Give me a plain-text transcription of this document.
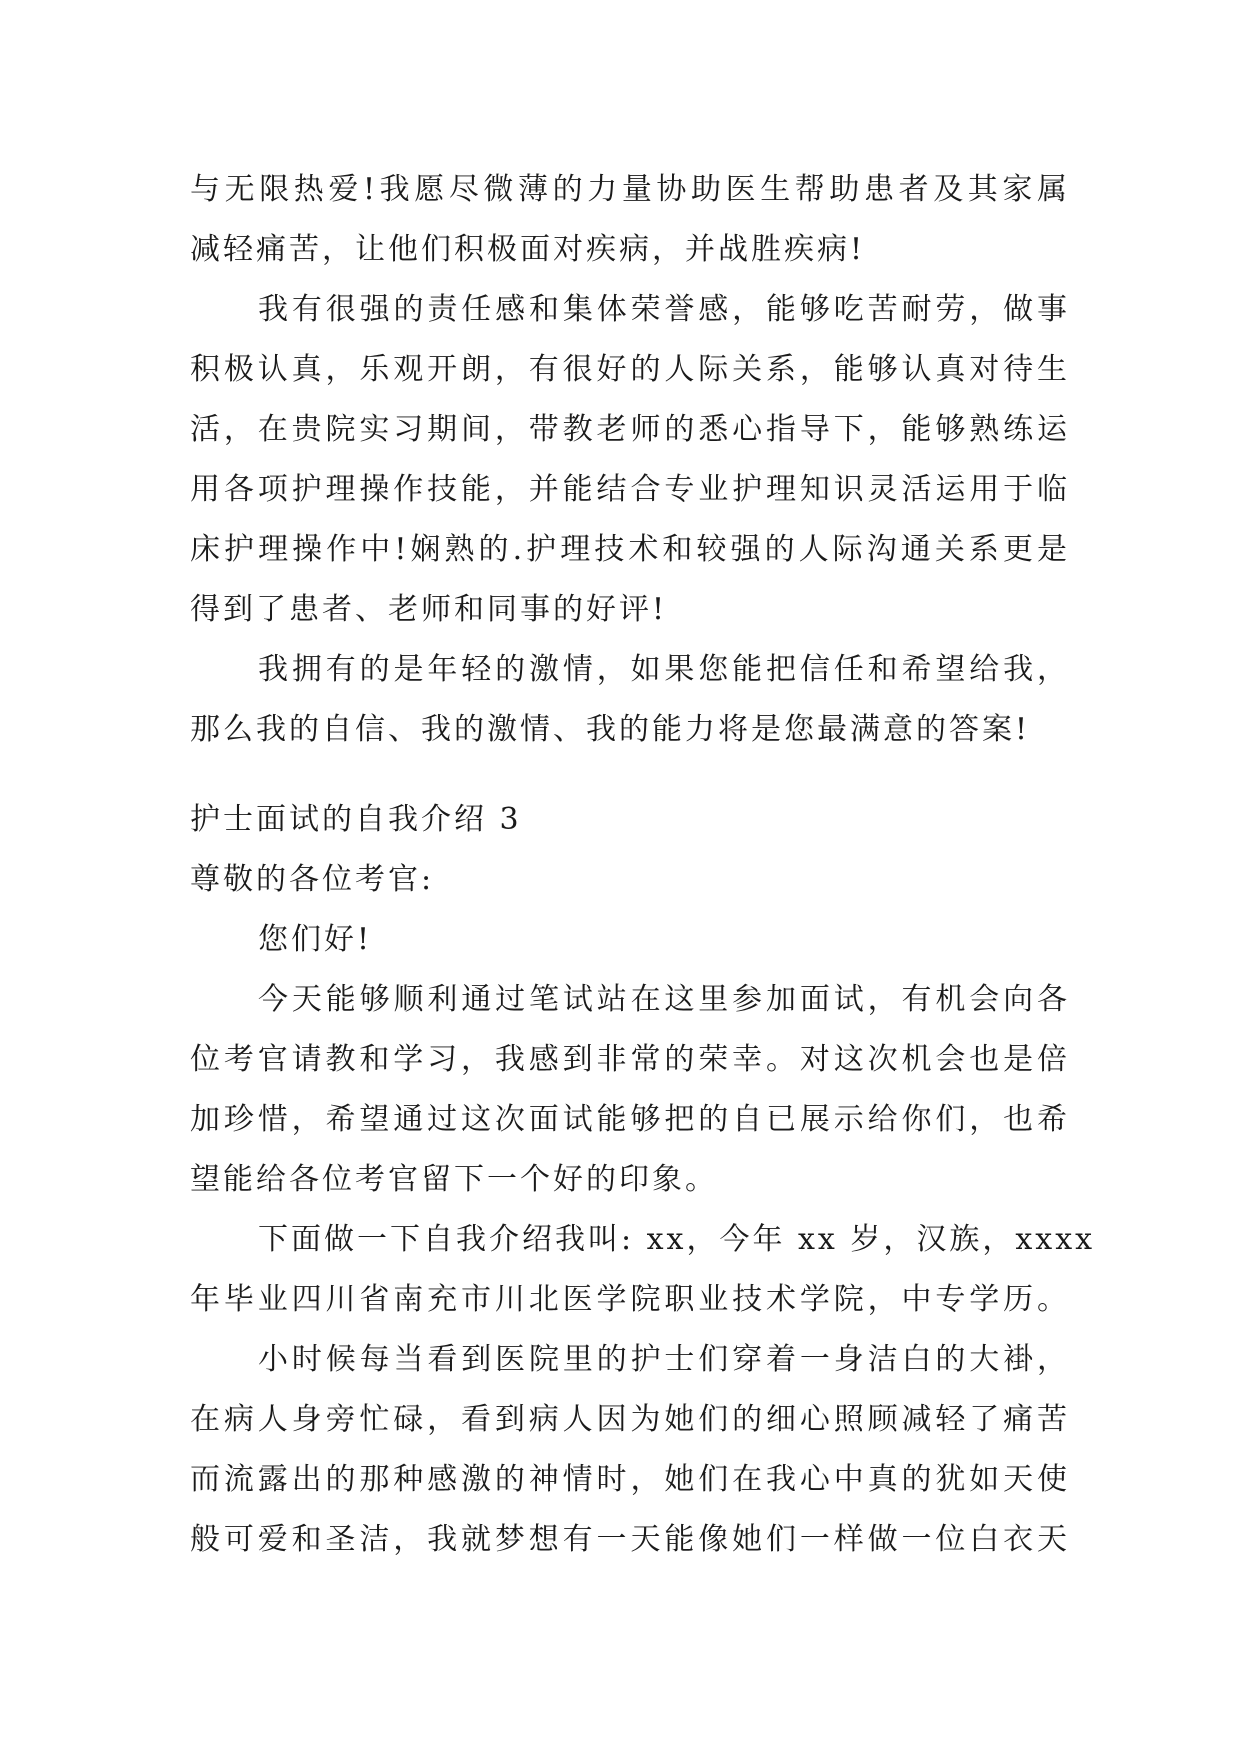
与无限热爱!我愿尽微薄的力量协助医生帮助患者及其家属
减轻痛苦，让他们积极面对疾病，并战胜疾病!
我有很强的责任感和集体荣誉感，能够吃苦耐劳，做事
积极认真，乐观开朗，有很好的人际关系，能够认真对待生
活，在贵院实习期间，带教老师的悉心指导下，能够熟练运
用各项护理操作技能，并能结合专业护理知识灵活运用于临
床护理操作中!娴熟的.护理技术和较强的人际沟通关系更是
得到了患者、老师和同事的好评!
我拥有的是年轻的激情，如果您能把信任和希望给我，
那么我的自信、我的激情、我的能力将是您最满意的答案!
护士面试的自我介绍 3
尊敬的各位考官:
您们好!
今天能够顺利通过笔试站在这里参加面试，有机会向各
位考官请教和学习，我感到非常的荣幸。对这次机会也是倍
加珍惜，希望通过这次面试能够把的自已展示给你们，也希
望能给各位考官留下一个好的印象。
下面做一下自我介绍我叫: xx，今年 xx 岁，汉族，xxxx
年毕业四川省南充市川北医学院职业技术学院，中专学历。
小时候每当看到医院里的护士们穿着一身洁白的大褂，
在病人身旁忙碌，看到病人因为她们的细心照顾减轻了痛苦
而流露出的那种感激的神情时，她们在我心中真的犹如天使
般可爱和圣洁，我就梦想有一天能像她们一样做一位白衣天
